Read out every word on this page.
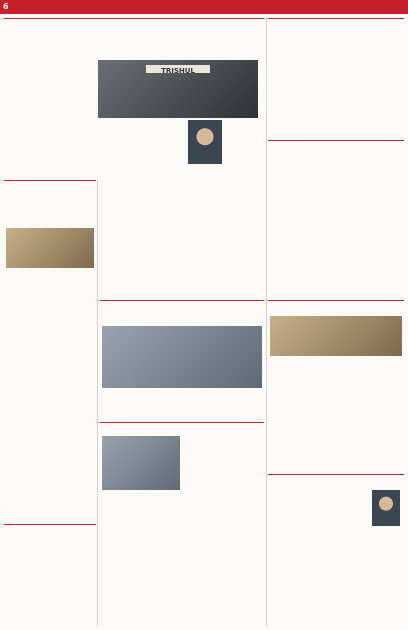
6
TRISHUL
